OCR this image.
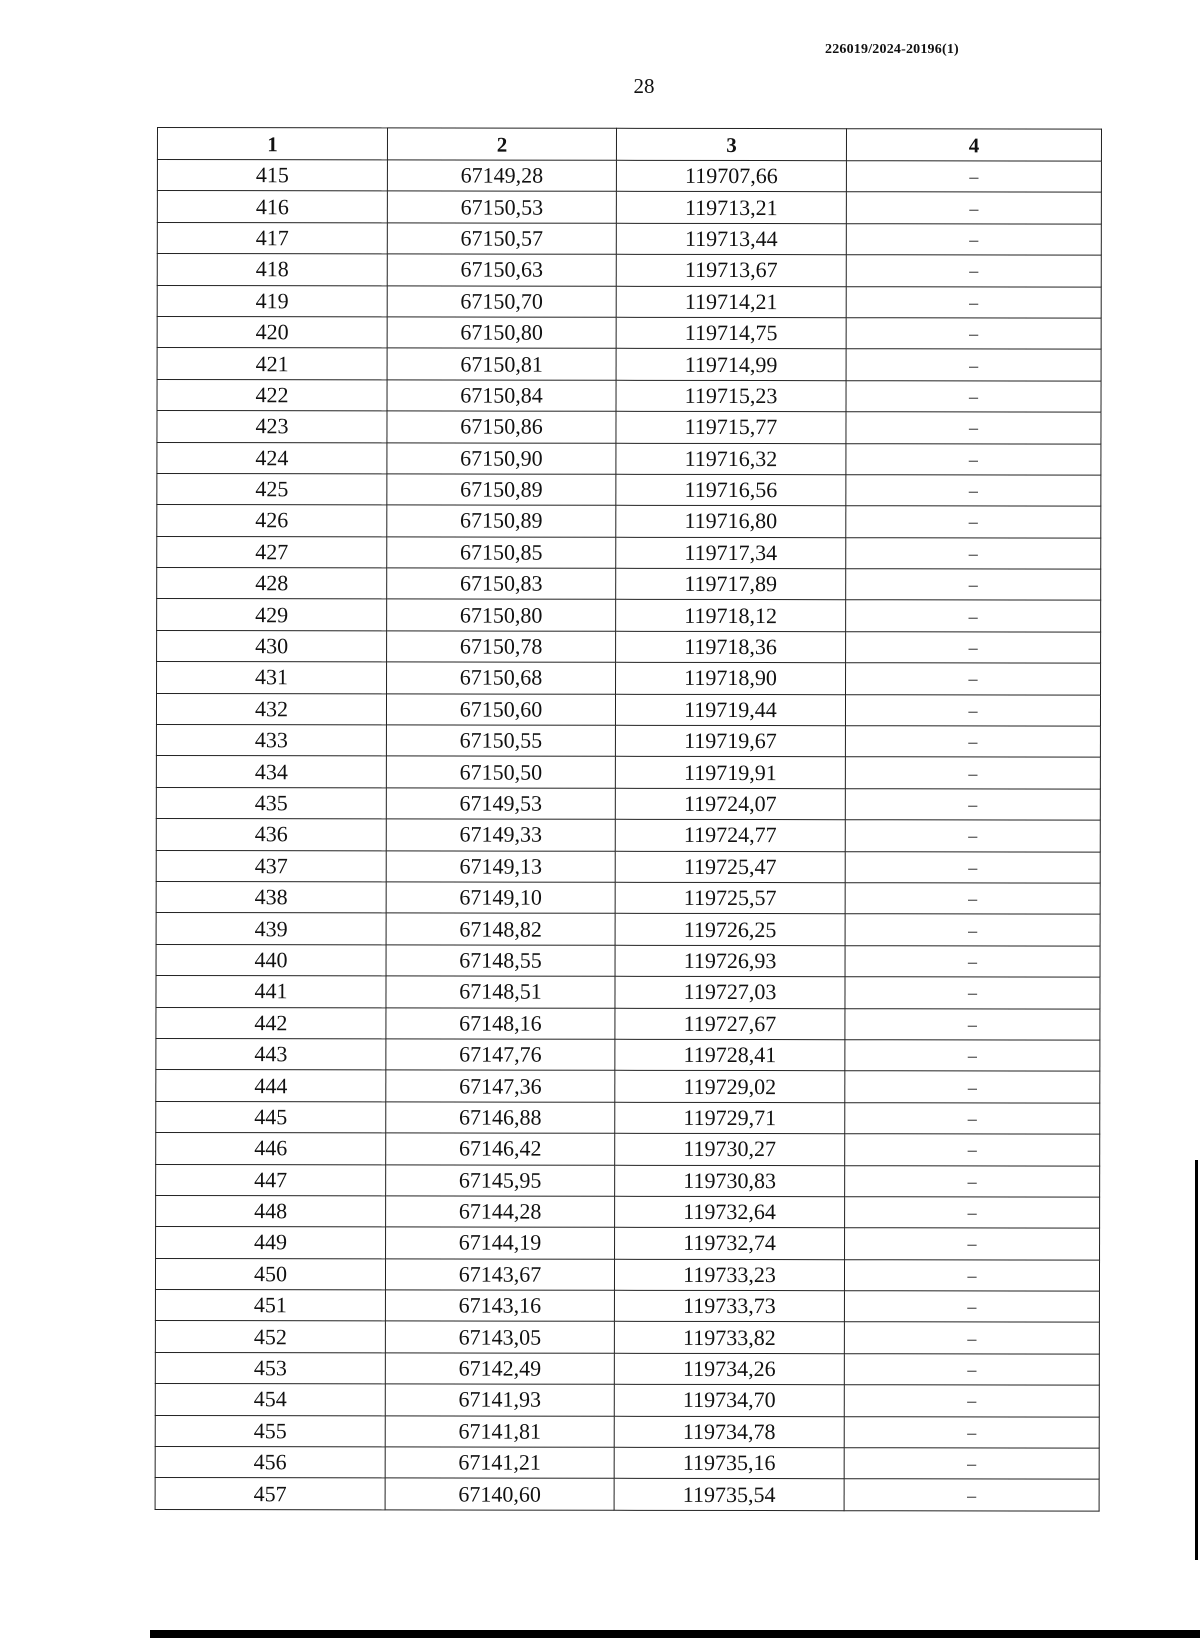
226019/2024-20196(1)
28
1	2	3	4
415	67149,28	119707,66	–
416	67150,53	119713,21	–
417	67150,57	119713,44	–
418	67150,63	119713,67	–
419	67150,70	119714,21	–
420	67150,80	119714,75	–
421	67150,81	119714,99	–
422	67150,84	119715,23	–
423	67150,86	119715,77	–
424	67150,90	119716,32	–
425	67150,89	119716,56	–
426	67150,89	119716,80	–
427	67150,85	119717,34	–
428	67150,83	119717,89	–
429	67150,80	119718,12	–
430	67150,78	119718,36	–
431	67150,68	119718,90	–
432	67150,60	119719,44	–
433	67150,55	119719,67	–
434	67150,50	119719,91	–
435	67149,53	119724,07	–
436	67149,33	119724,77	–
437	67149,13	119725,47	–
438	67149,10	119725,57	–
439	67148,82	119726,25	–
440	67148,55	119726,93	–
441	67148,51	119727,03	–
442	67148,16	119727,67	–
443	67147,76	119728,41	–
444	67147,36	119729,02	–
445	67146,88	119729,71	–
446	67146,42	119730,27	–
447	67145,95	119730,83	–
448	67144,28	119732,64	–
449	67144,19	119732,74	–
450	67143,67	119733,23	–
451	67143,16	119733,73	–
452	67143,05	119733,82	–
453	67142,49	119734,26	–
454	67141,93	119734,70	–
455	67141,81	119734,78	–
456	67141,21	119735,16	–
457	67140,60	119735,54	–
